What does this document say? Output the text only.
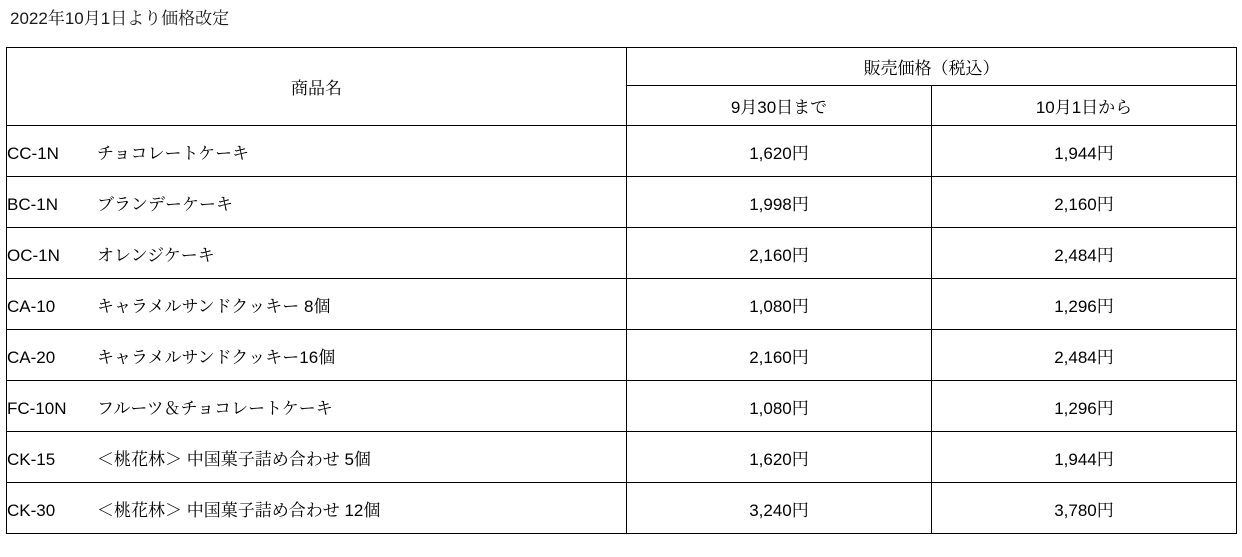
2022年10月1日より価格改定
商品名	販売価格（税込）	
	9月30日まで	10月1日から
CC-1N チョコレートケーキ	1,620円	1,944円
BC-1N ブランデーケーキ	1,998円	2,160円
OC-1N オレンジケーキ	2,160円	2,484円
CA-10 キャラメルサンドクッキー 8個	1,080円	1,296円
CA-20 キャラメルサンドクッキー16個	2,160円	2,484円
FC-10N フルーツ＆チョコレートケーキ	1,080円	1,296円
CK-15 ＜桃花林＞ 中国菓子詰め合わせ 5個	1,620円	1,944円
CK-30 ＜桃花林＞ 中国菓子詰め合わせ 12個	3,240円	3,780円
